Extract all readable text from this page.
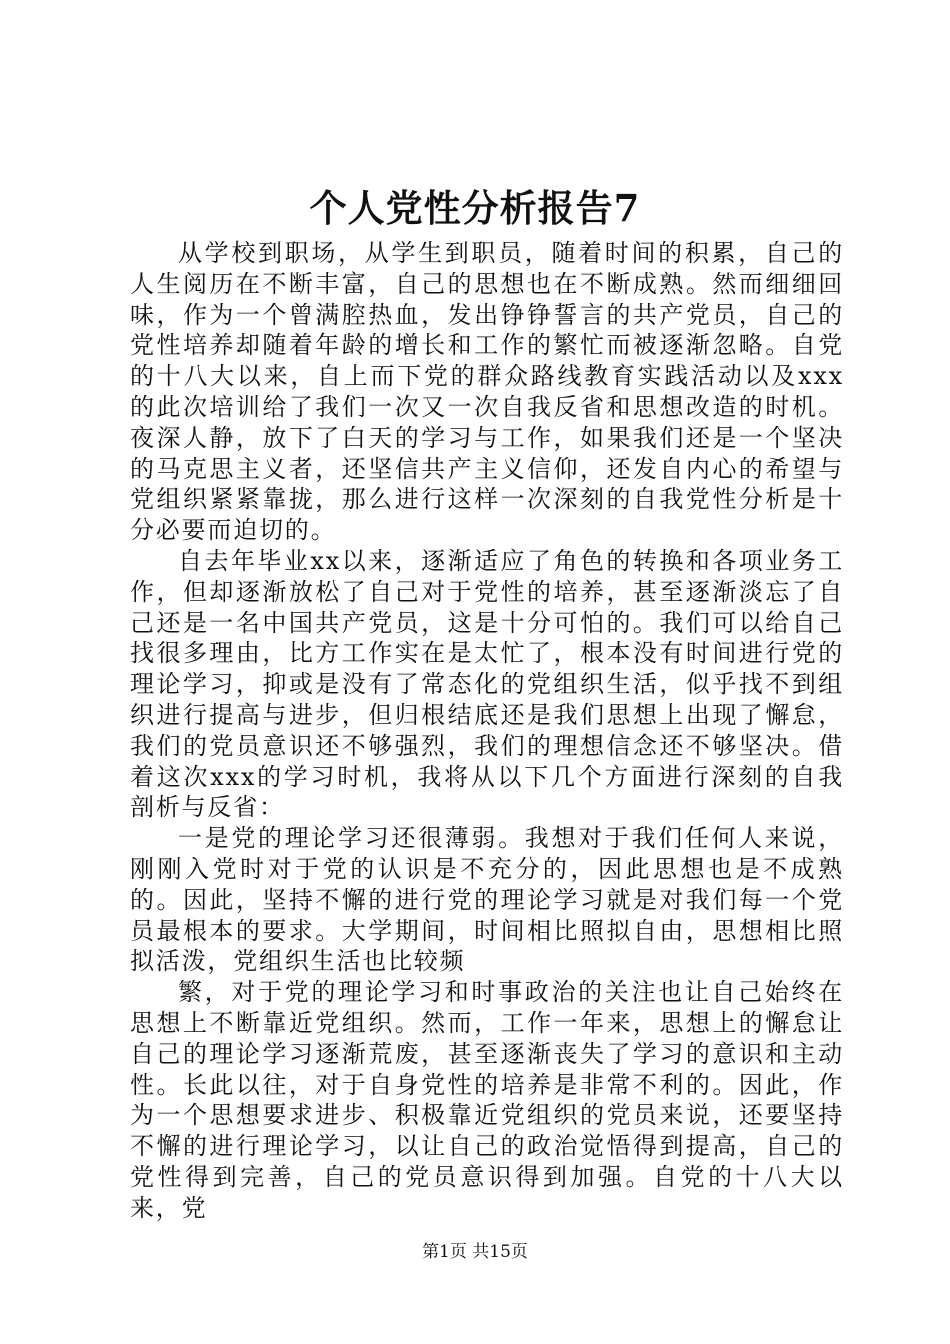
个人党性分析报告7

从学校到职场，从学生到职员，随着时间的积累，自己的人生阅历在不断丰富，自己的思想也在不断成熟。然而细细回味，作为一个曾满腔热血，发出铮铮誓言的共产党员，自己的党性培养却随着年龄的增长和工作的繁忙而被逐渐忽略。自党的十八大以来，自上而下党的群众路线教育实践活动以及xxx的此次培训给了我们一次又一次自我反省和思想改造的时机。夜深人静，放下了白天的学习与工作，如果我们还是一个坚决的马克思主义者，还坚信共产主义信仰，还发自内心的希望与党组织紧紧靠拢，那么进行这样一次深刻的自我党性分析是十分必要而迫切的。

自去年毕业xx以来，逐渐适应了角色的转换和各项业务工作，但却逐渐放松了自己对于党性的培养，甚至逐渐淡忘了自己还是一名中国共产党员，这是十分可怕的。我们可以给自己找很多理由，比方工作实在是太忙了，根本没有时间进行党的理论学习，抑或是没有了常态化的党组织生活，似乎找不到组织进行提高与进步，但归根结底还是我们思想上出现了懈怠，我们的党员意识还不够强烈，我们的理想信念还不够坚决。借着这次xxx的学习时机，我将从以下几个方面进行深刻的自我剖析与反省：

一是党的理论学习还很薄弱。我想对于我们任何人来说，刚刚入党时对于党的认识是不充分的，因此思想也是不成熟的。因此，坚持不懈的进行党的理论学习就是对我们每一个党员最根本的要求。大学期间，时间相比照拟自由，思想相比照拟活泼，党组织生活也比较频

繁，对于党的理论学习和时事政治的关注也让自己始终在思想上不断靠近党组织。然而，工作一年来，思想上的懈怠让自己的理论学习逐渐荒废，甚至逐渐丧失了学习的意识和主动性。长此以往，对于自身党性的培养是非常不利的。因此，作为一个思想要求进步、积极靠近党组织的党员来说，还要坚持不懈的进行理论学习，以让自己的政治觉悟得到提高，自己的党性得到完善，自己的党员意识得到加强。自党的十八大以来，党

第1页 共15页
